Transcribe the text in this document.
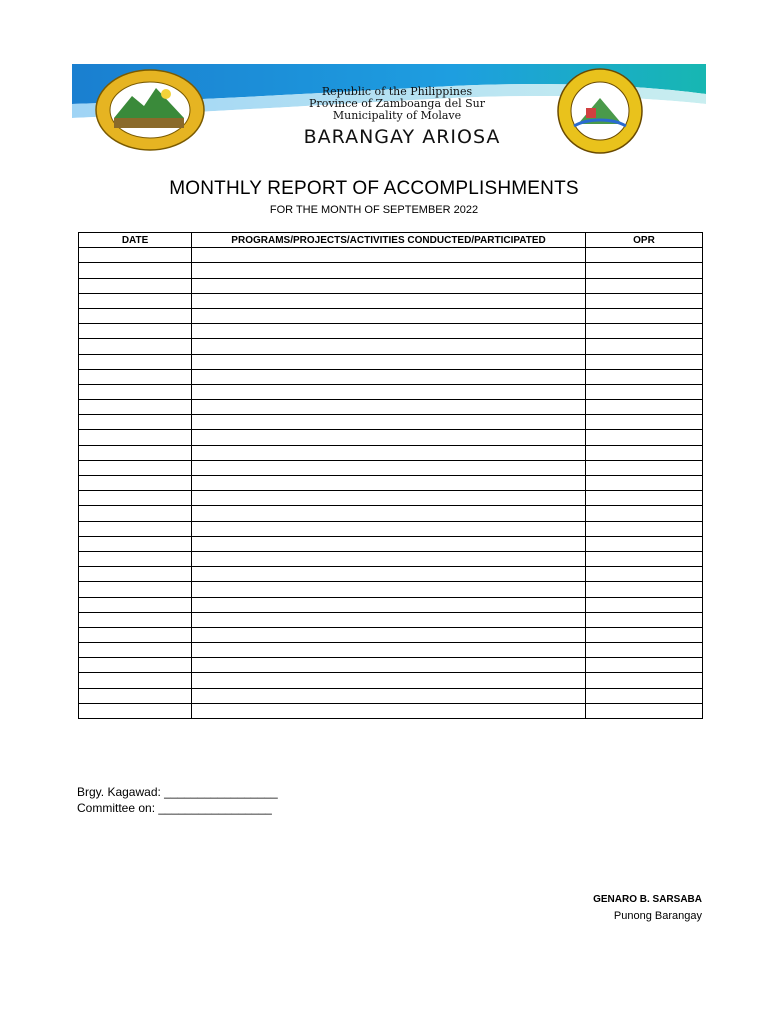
Republic of the Philippines
Province of Zamboanga del Sur
Municipality of Molave
BARANGAY ARIOSA
MONTHLY REPORT OF ACCOMPLISHMENTS
FOR THE MONTH OF SEPTEMBER 2022
DATE	PROGRAMS/PROJECTS/ACTIVITIES CONDUCTED/PARTICIPATED	OPR

Brgy. Kagawad: _________________
Committee on: _________________
GENARO B. SARSABA
Punong Barangay
